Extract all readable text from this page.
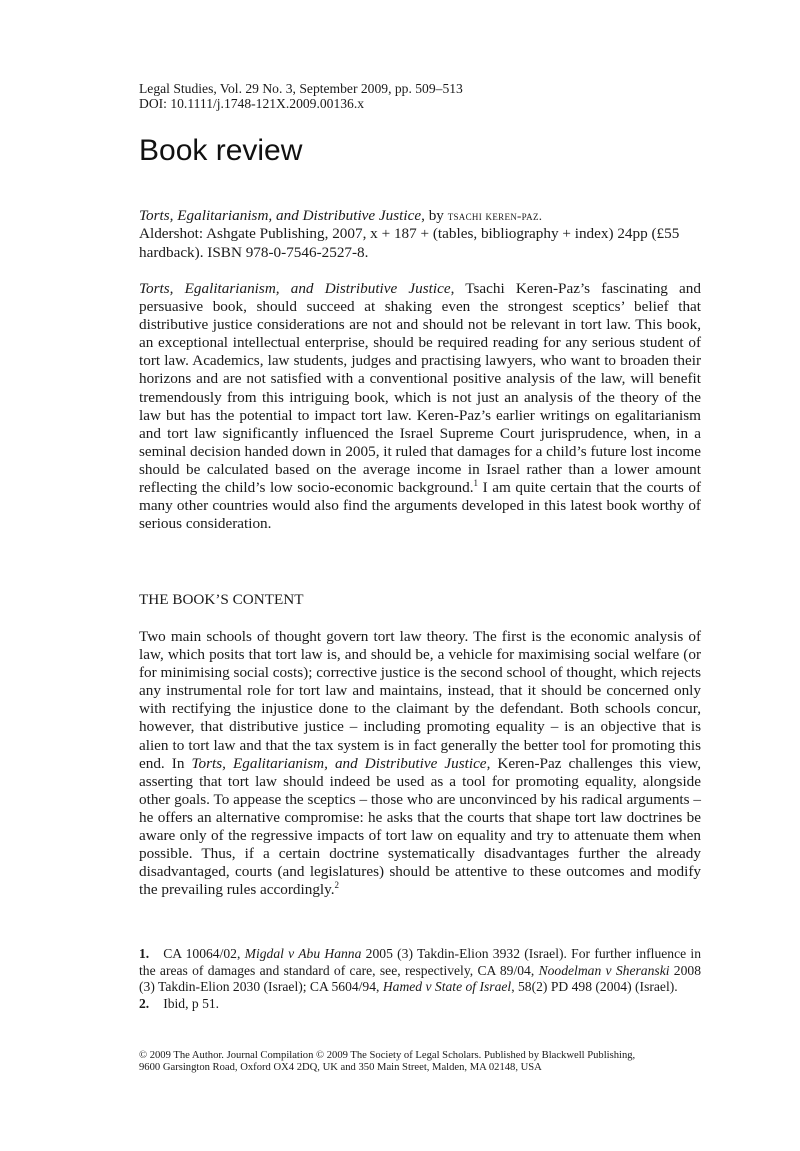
Legal Studies, Vol. 29 No. 3, September 2009, pp. 509–513
DOI: 10.1111/j.1748-121X.2009.00136.x
Book review
Torts, Egalitarianism, and Distributive Justice, by tsachi keren-paz.
Aldershot: Ashgate Publishing, 2007, x + 187 + (tables, bibliography + index) 24pp (£55 hardback). ISBN 978-0-7546-2527-8.
Torts, Egalitarianism, and Distributive Justice, Tsachi Keren-Paz’s fascinating and persuasive book, should succeed at shaking even the strongest sceptics’ belief that distributive justice considerations are not and should not be relevant in tort law. This book, an exceptional intellectual enterprise, should be required reading for any serious student of tort law. Academics, law students, judges and practising lawyers, who want to broaden their horizons and are not satisfied with a conventional positive analysis of the law, will benefit tremendously from this intriguing book, which is not just an analysis of the theory of the law but has the potential to impact tort law. Keren-Paz’s earlier writings on egalitarianism and tort law significantly influenced the Israel Supreme Court jurisprudence, when, in a seminal decision handed down in 2005, it ruled that damages for a child’s future lost income should be calculated based on the average income in Israel rather than a lower amount reflecting the child’s low socio-economic background.$^1$ I am quite certain that the courts of many other countries would also find the arguments developed in this latest book worthy of serious consideration.
THE BOOK’S CONTENT
Two main schools of thought govern tort law theory. The first is the economic analysis of law, which posits that tort law is, and should be, a vehicle for maximising social welfare (or for minimising social costs); corrective justice is the second school of thought, which rejects any instrumental role for tort law and maintains, instead, that it should be concerned only with rectifying the injustice done to the claimant by the defendant. Both schools concur, however, that distributive justice – including promoting equality – is an objective that is alien to tort law and that the tax system is in fact generally the better tool for promoting this end. In Torts, Egalitarianism, and Distributive Justice, Keren-Paz challenges this view, asserting that tort law should indeed be used as a tool for promoting equality, alongside other goals. To appease the sceptics – those who are unconvinced by his radical arguments – he offers an alternative compromise: he asks that the courts that shape tort law doctrines be aware only of the regressive impacts of tort law on equality and try to attenuate them when possible. Thus, if a certain doctrine systematically disadvantages further the already disadvantaged, courts (and legislatures) should be attentive to these outcomes and modify the prevailing rules accordingly.$^2$
1. CA 10064/02, Migdal v Abu Hanna 2005 (3) Takdin-Elion 3932 (Israel). For further influence in the areas of damages and standard of care, see, respectively, CA 89/04, Noodelman v Sheranski 2008 (3) Takdin-Elion 2030 (Israel); CA 5604/94, Hamed v State of Israel, 58(2) PD 498 (2004) (Israel).
2. Ibid, p 51.
© 2009 The Author. Journal Compilation © 2009 The Society of Legal Scholars. Published by Blackwell Publishing,
9600 Garsington Road, Oxford OX4 2DQ, UK and 350 Main Street, Malden, MA 02148, USA
